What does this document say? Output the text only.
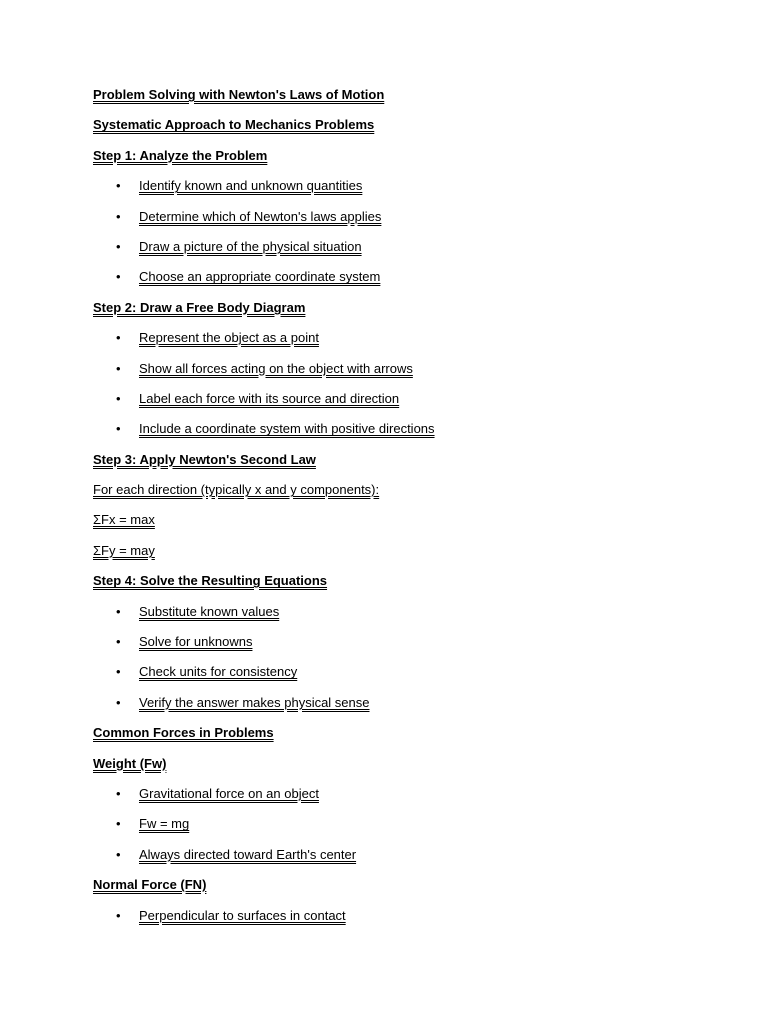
Problem Solving with Newton's Laws of Motion
Systematic Approach to Mechanics Problems
Step 1: Analyze the Problem
• Identify known and unknown quantities
• Determine which of Newton's laws applies
• Draw a picture of the physical situation
• Choose an appropriate coordinate system
Step 2: Draw a Free Body Diagram
• Represent the object as a point
• Show all forces acting on the object with arrows
• Label each force with its source and direction
• Include a coordinate system with positive directions
Step 3: Apply Newton's Second Law
For each direction (typically x and y components):
ΣFx = max
ΣFy = may
Step 4: Solve the Resulting Equations
• Substitute known values
• Solve for unknowns
• Check units for consistency
• Verify the answer makes physical sense
Common Forces in Problems
Weight (Fw)
• Gravitational force on an object
• Fw = mg
• Always directed toward Earth's center
Normal Force (FN)
• Perpendicular to surfaces in contact
